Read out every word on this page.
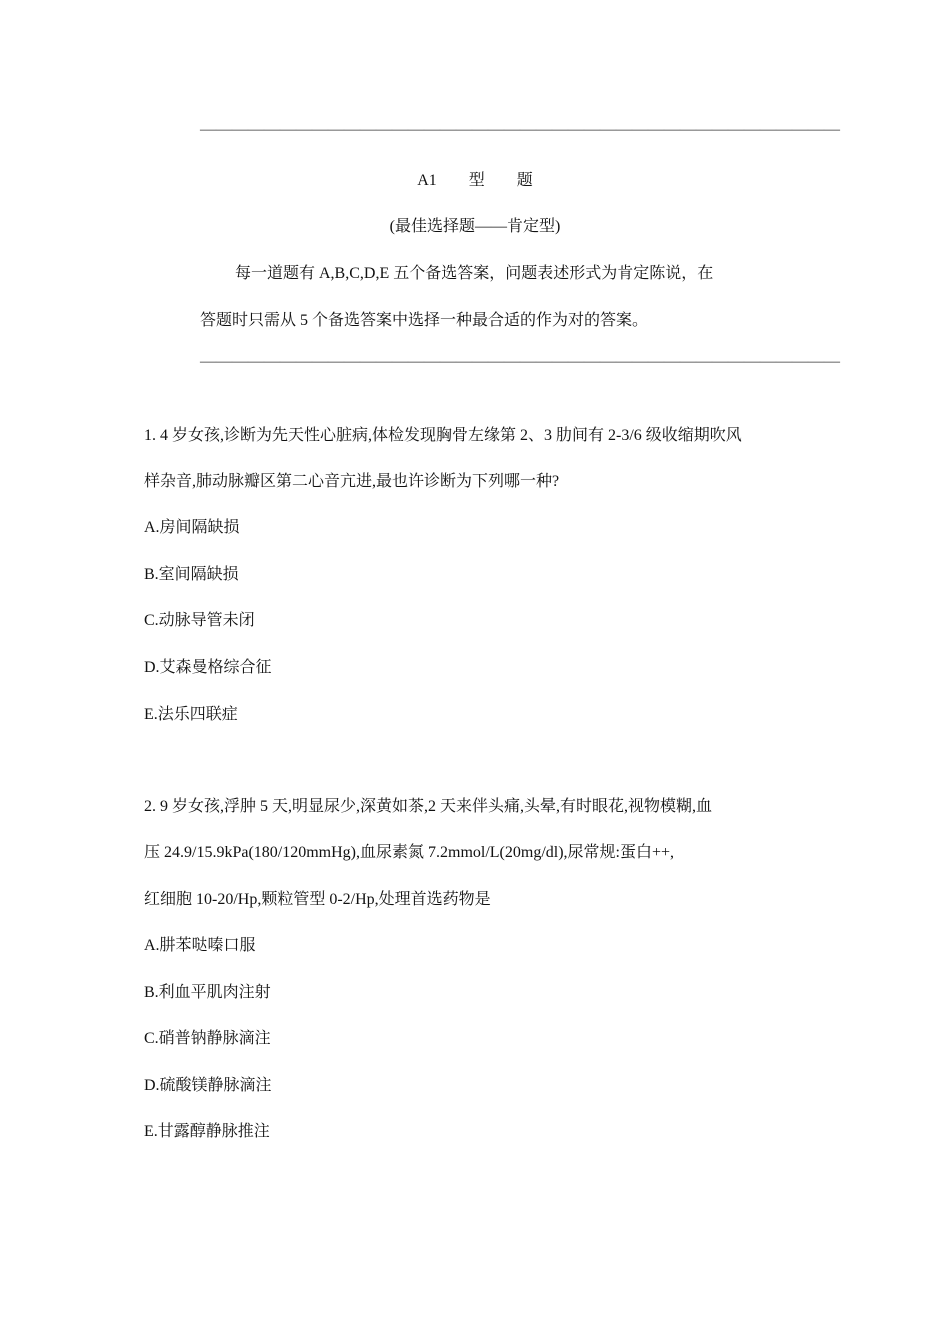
————————————————————————————————————————
A1 型 题
(最佳选择题——肯定型)
每一道题有 A,B,C,D,E 五个备选答案，问题表述形式为肯定陈说，在
答题时只需从 5 个备选答案中选择一种最合适的作为对的答案。
————————————————————————————————————————
1. 4 岁女孩,诊断为先天性心脏病,体检发现胸骨左缘第 2、3 肋间有 2-3/6 级收缩期吹风
样杂音,肺动脉瓣区第二心音亢进,最也许诊断为下列哪一种?
A.房间隔缺损
B.室间隔缺损
C.动脉导管未闭
D.艾森曼格综合征
E.法乐四联症
2. 9 岁女孩,浮肿 5 天,明显尿少,深黄如茶,2 天来伴头痛,头晕,有时眼花,视物模糊,血
压 24.9/15.9kPa(180/120mmHg),血尿素氮 7.2mmol/L(20mg/dl),尿常规:蛋白++,
红细胞 10-20/Hp,颗粒管型 0-2/Hp,处理首选药物是
A.肼苯哒嗪口服
B.利血平肌肉注射
C.硝普钠静脉滴注
D.硫酸镁静脉滴注
E.甘露醇静脉推注
